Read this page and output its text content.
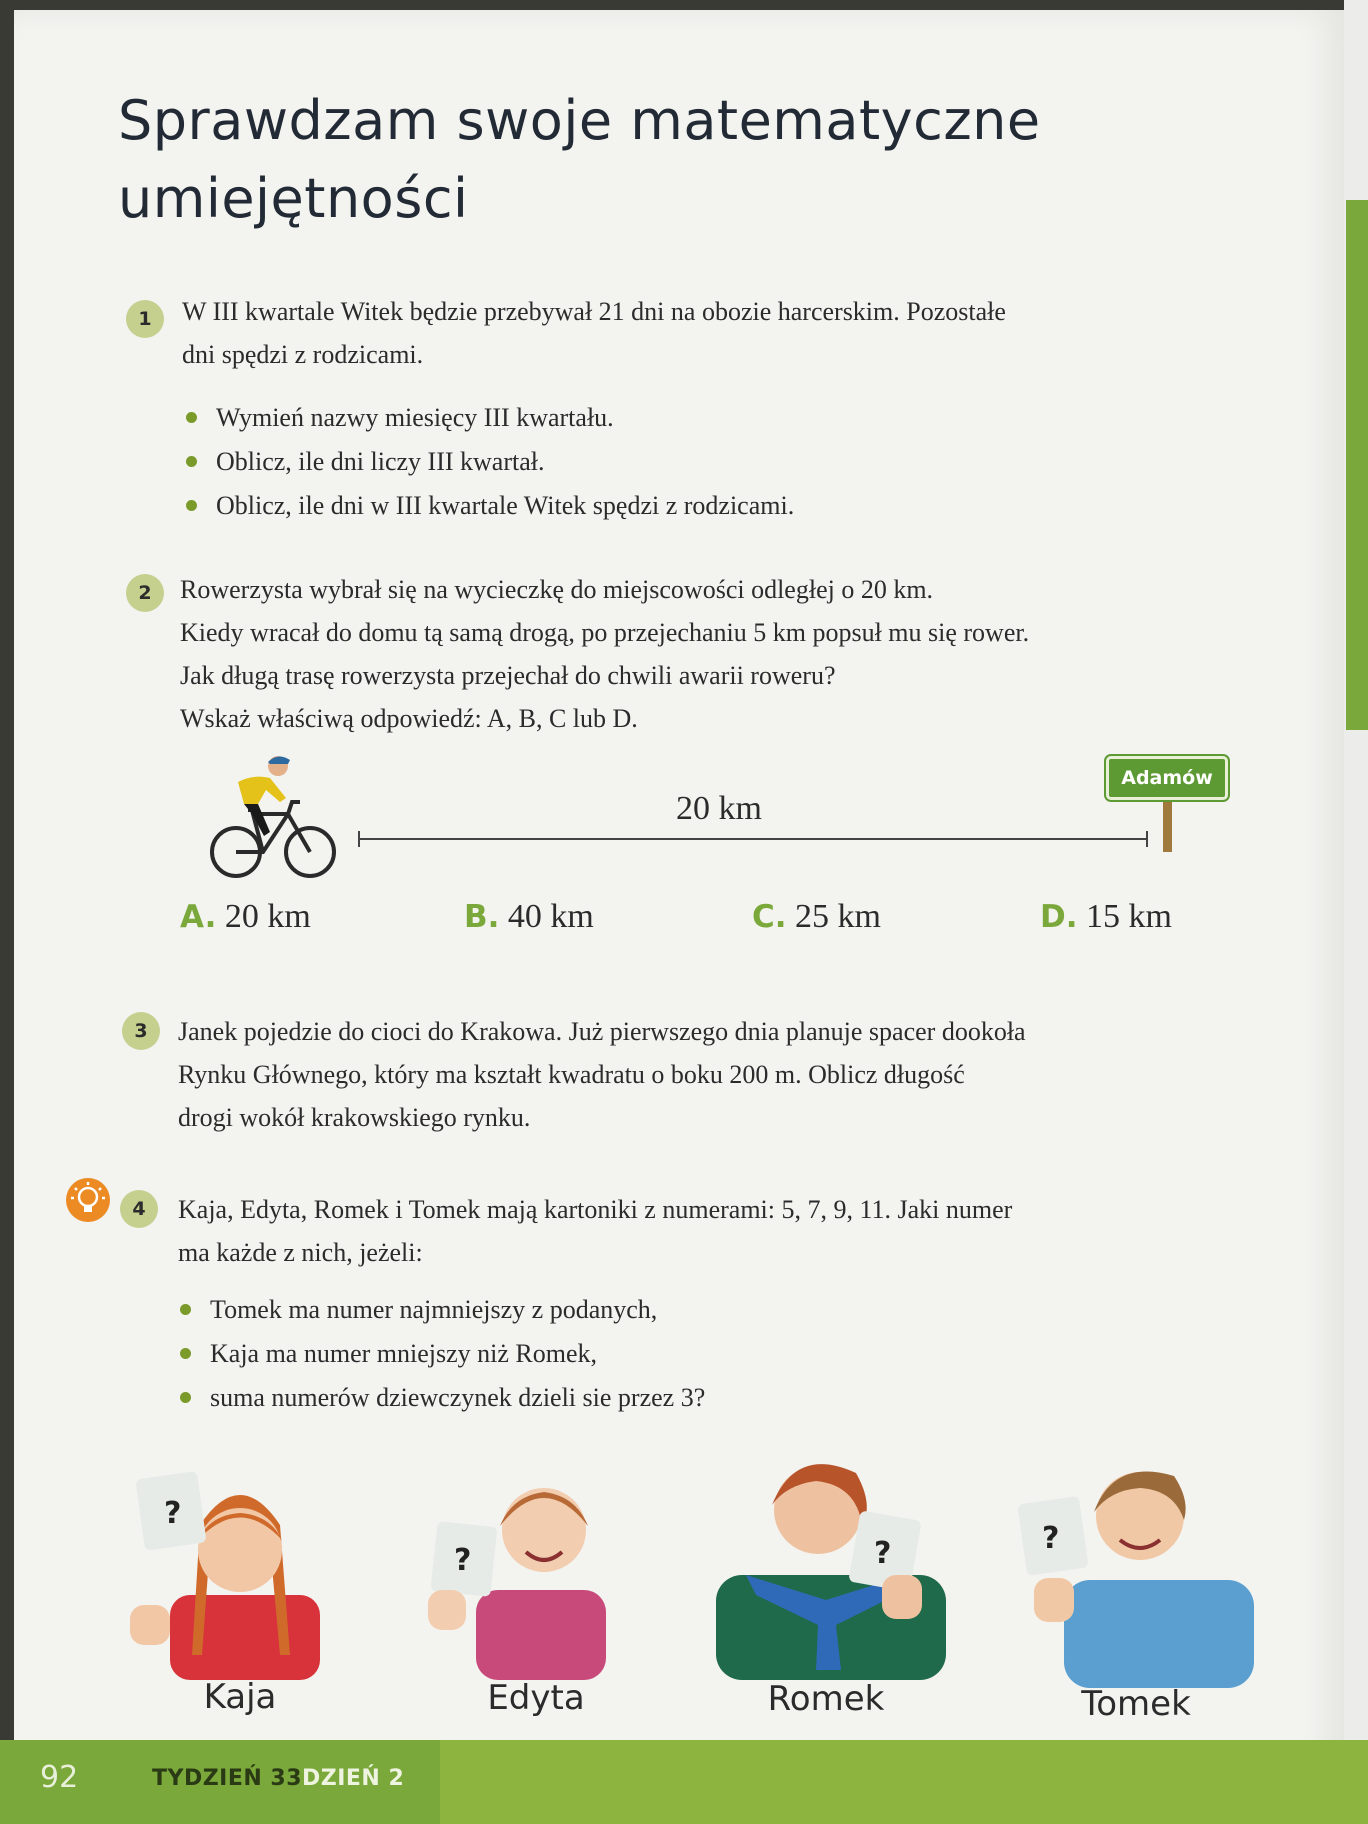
Sprawdzam swoje matematyczne umiejętności
1	W III kwartale Witek będzie przebywał 21 dni na obozie harcerskim. Pozostałe
dni spędzi z rodzicami.
Wymień nazwy miesięcy III kwartału.
Oblicz, ile dni liczy III kwartał.
Oblicz, ile dni w III kwartale Witek spędzi z rodzicami.
2	Rowerzysta wybrał się na wycieczkę do miejscowości odległej o 20 km.
Kiedy wracał do domu tą samą drogą, po przejechaniu 5 km popsuł mu się rower.
Jak długą trasę rowerzysta przejechał do chwili awarii roweru?
Wskaż właściwą odpowiedź: A, B, C lub D.
20 km
Adamów
A. 20 km	B. 40 km	C. 25 km	D. 15 km
3	Janek pojedzie do cioci do Krakowa. Już pierwszego dnia planuje spacer dookoła
Rynku Głównego, który ma kształt kwadratu o boku 200 m. Oblicz długość
drogi wokół krakowskiego rynku.
4	Kaja, Edyta, Romek i Tomek mają kartoniki z numerami: 5, 7, 9, 11. Jaki numer
ma każde z nich, jeżeli:
Tomek ma numer najmniejszy z podanych,
Kaja ma numer mniejszy niż Romek,
suma numerów dziewczynek dzieli sie przez 3?
?
Kaja
?
Edyta
?
Romek
?
Tomek
92	TYDZIEŃ 33 DZIEŃ 2
